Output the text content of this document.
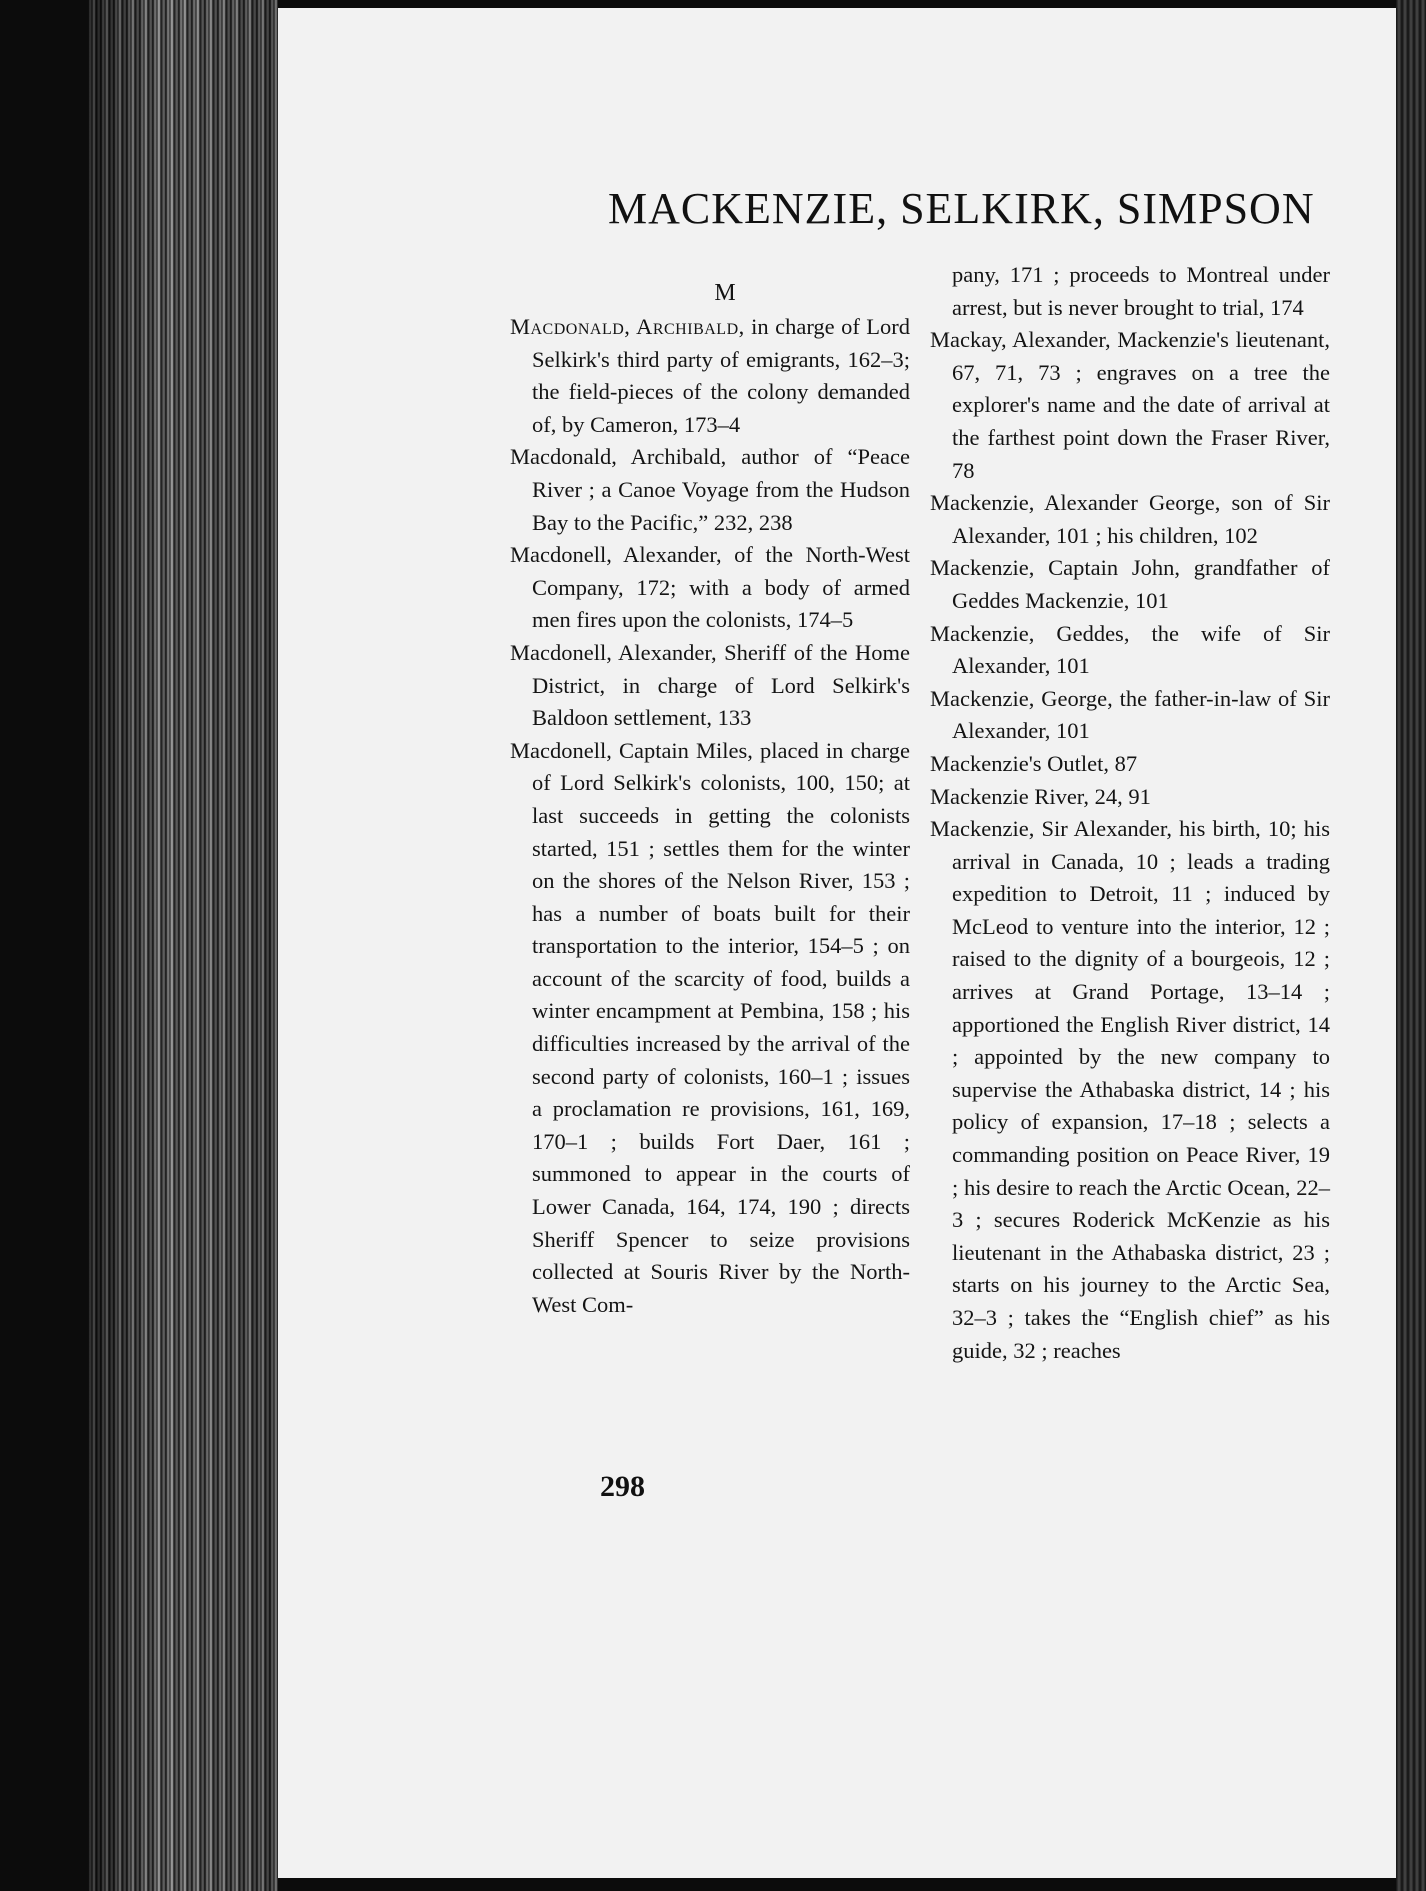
MACKENZIE, SELKIRK, SIMPSON
M

Macdonald, Archibald, in charge of Lord Selkirk's third party of emigrants, 162–3; the field-pieces of the colony demanded of, by Cameron, 173–4

Macdonald, Archibald, author of “Peace River ; a Canoe Voyage from the Hudson Bay to the Pacific,” 232, 238

Macdonell, Alexander, of the North-West Company, 172; with a body of armed men fires upon the colonists, 174–5

Macdonell, Alexander, Sheriff of the Home District, in charge of Lord Selkirk's Baldoon settlement, 133

Macdonell, Captain Miles, placed in charge of Lord Selkirk's colonists, 100, 150; at last succeeds in getting the colonists started, 151 ; settles them for the winter on the shores of the Nelson River, 153 ; has a number of boats built for their transportation to the interior, 154–5 ; on account of the scarcity of food, builds a winter encampment at Pembina, 158 ; his difficulties increased by the arrival of the second party of colonists, 160–1 ; issues a proclamation re provisions, 161, 169, 170–1 ; builds Fort Daer, 161 ; summoned to appear in the courts of Lower Canada, 164, 174, 190 ; directs Sheriff Spencer to seize provisions collected at Souris River by the North-West Com-

298

pany, 171 ; proceeds to Montreal under arrest, but is never brought to trial, 174

Mackay, Alexander, Mackenzie's lieutenant, 67, 71, 73 ; engraves on a tree the explorer's name and the date of arrival at the farthest point down the Fraser River, 78

Mackenzie, Alexander George, son of Sir Alexander, 101 ; his children, 102

Mackenzie, Captain John, grandfather of Geddes Mackenzie, 101

Mackenzie, Geddes, the wife of Sir Alexander, 101

Mackenzie, George, the father-in-law of Sir Alexander, 101

Mackenzie's Outlet, 87

Mackenzie River, 24, 91

Mackenzie, Sir Alexander, his birth, 10; his arrival in Canada, 10 ; leads a trading expedition to Detroit, 11 ; induced by McLeod to venture into the interior, 12 ; raised to the dignity of a bourgeois, 12 ; arrives at Grand Portage, 13–14 ; apportioned the English River district, 14 ; appointed by the new company to supervise the Athabaska district, 14 ; his policy of expansion, 17–18 ; selects a commanding position on Peace River, 19 ; his desire to reach the Arctic Ocean, 22–3 ; secures Roderick McKenzie as his lieutenant in the Athabaska district, 23 ; starts on his journey to the Arctic Sea, 32–3 ; takes the “English chief” as his guide, 32 ; reaches
